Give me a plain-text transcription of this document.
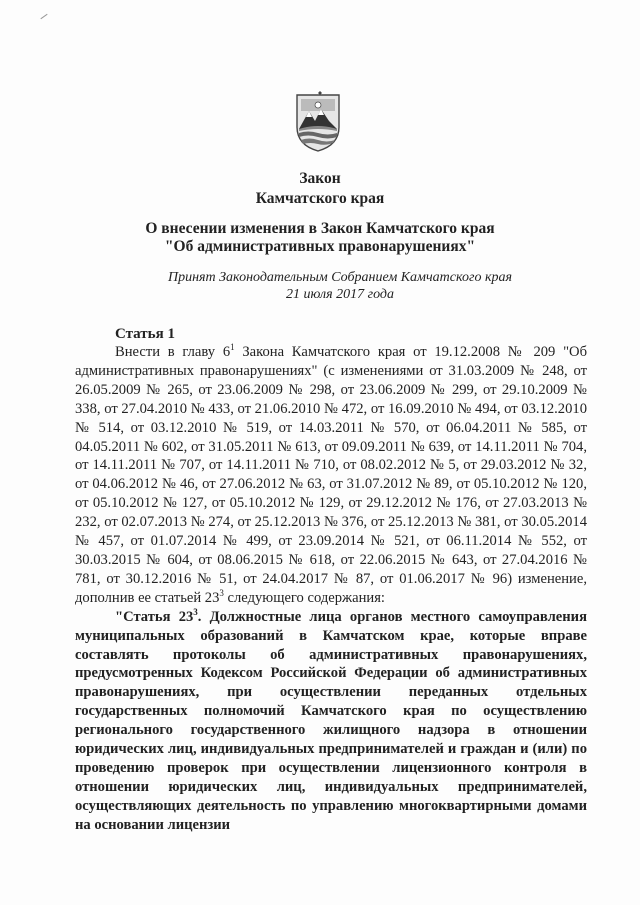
Закон
Камчатского края
О внесении изменения в Закон Камчатского края
"Об административных правонарушениях"
Принят Законодательным Собранием Камчатского края
21 июля 2017 года
Статья 1

Внести в главу $6^1$ Закона Камчатского края от 19.12.2008 № 209 "Об административных правонарушениях" (с изменениями от 31.03.2009 № 248, от 26.05.2009 № 265, от 23.06.2009 № 298, от 23.06.2009 № 299, от 29.10.2009 № 338, от 27.04.2010 № 433, от 21.06.2010 № 472, от 16.09.2010 № 494, от 03.12.2010 № 514, от 03.12.2010 № 519, от 14.03.2011 № 570, от 06.04.2011 № 585, от 04.05.2011 № 602, от 31.05.2011 № 613, от 09.09.2011 № 639, от 14.11.2011 № 704, от 14.11.2011 № 707, от 14.11.2011 № 710, от 08.02.2012 № 5, от 29.03.2012 № 32, от 04.06.2012 № 46, от 27.06.2012 № 63, от 31.07.2012 № 89, от 05.10.2012 № 120, от 05.10.2012 № 127, от 05.10.2012 № 129, от 29.12.2012 № 176, от 27.03.2013 № 232, от 02.07.2013 № 274, от 25.12.2013 № 376, от 25.12.2013 № 381, от 30.05.2014 № 457, от 01.07.2014 № 499, от 23.09.2014 № 521, от 06.11.2014 № 552, от 30.03.2015 № 604, от 08.06.2015 № 618, от 22.06.2015 № 643, от 27.04.2016 № 781, от 30.12.2016 № 51, от 24.04.2017 № 87, от 01.06.2017 № 96) изменение, дополнив ее статьей $23^3$ следующего содержания:

"Статья $23^3$. Должностные лица органов местного самоуправления муниципальных образований в Камчатском крае, которые вправе составлять протоколы об административных правонарушениях, предусмотренных Кодексом Российской Федерации об административных правонарушениях, при осуществлении переданных отдельных государственных полномочий Камчатского края по осуществлению регионального государственного жилищного надзора в отношении юридических лиц, индивидуальных предпринимателей и граждан и (или) по проведению проверок при осуществлении лицензионного контроля в отношении юридических лиц, индивидуальных предпринимателей, осуществляющих деятельность по управлению многоквартирными домами на основании лицензии
